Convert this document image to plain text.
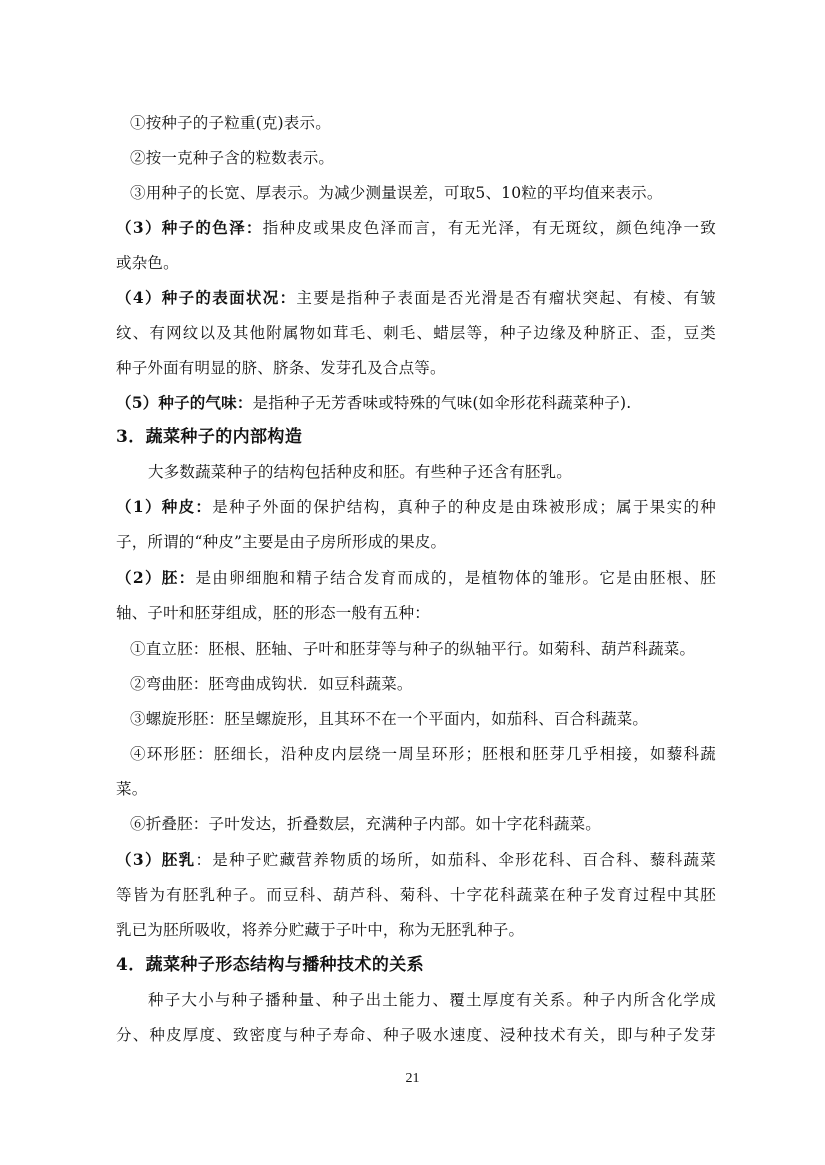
①按种子的子粒重(克)表示。
②按一克种子含的粒数表示。
③用种子的长宽、厚表示。为减少测量误差，可取5、10粒的平均值来表示。
（3）种子的色泽：指种皮或果皮色泽而言，有无光泽，有无斑纹，颜色纯净一致
或杂色。
（4）种子的表面状况：主要是指种子表面是否光滑是否有瘤状突起、有棱、有皱
纹、有网纹以及其他附属物如茸毛、刺毛、蜡层等，种子边缘及种脐正、歪，豆类
种子外面有明显的脐、脐条、发芽孔及合点等。
（5）种子的气味：是指种子无芳香味或特殊的气味(如伞形花科蔬菜种子).
3．蔬菜种子的内部构造
大多数蔬菜种子的结构包括种皮和胚。有些种子还含有胚乳。
（1）种皮：是种子外面的保护结构，真种子的种皮是由珠被形成；属于果实的种
子，所谓的“种皮”主要是由子房所形成的果皮。
（2）胚：是由卵细胞和精子结合发育而成的，是植物体的雏形。它是由胚根、胚
轴、子叶和胚芽组成，胚的形态一般有五种：
①直立胚：胚根、胚轴、子叶和胚芽等与种子的纵轴平行。如菊科、葫芦科蔬菜。
②弯曲胚：胚弯曲成钩状．如豆科蔬菜。
③螺旋形胚：胚呈螺旋形，且其环不在一个平面内，如茄科、百合科蔬菜。
④环形胚：胚细长，沿种皮内层绕一周呈环形；胚根和胚芽几乎相接，如藜科蔬
菜。
⑥折叠胚：子叶发达，折叠数层，充满种子内部。如十字花科蔬菜。
（3）胚乳：是种子贮藏营养物质的场所，如茄科、伞形花科、百合科、藜科蔬菜
等皆为有胚乳种子。而豆科、葫芦科、菊科、十字花科蔬菜在种子发育过程中其胚
乳已为胚所吸收，将养分贮藏于子叶中，称为无胚乳种子。
4．蔬菜种子形态结构与播种技术的关系
种子大小与种子播种量、种子出土能力、覆土厚度有关系。种子内所含化学成
分、种皮厚度、致密度与种子寿命、种子吸水速度、浸种技术有关，即与种子发芽
21
